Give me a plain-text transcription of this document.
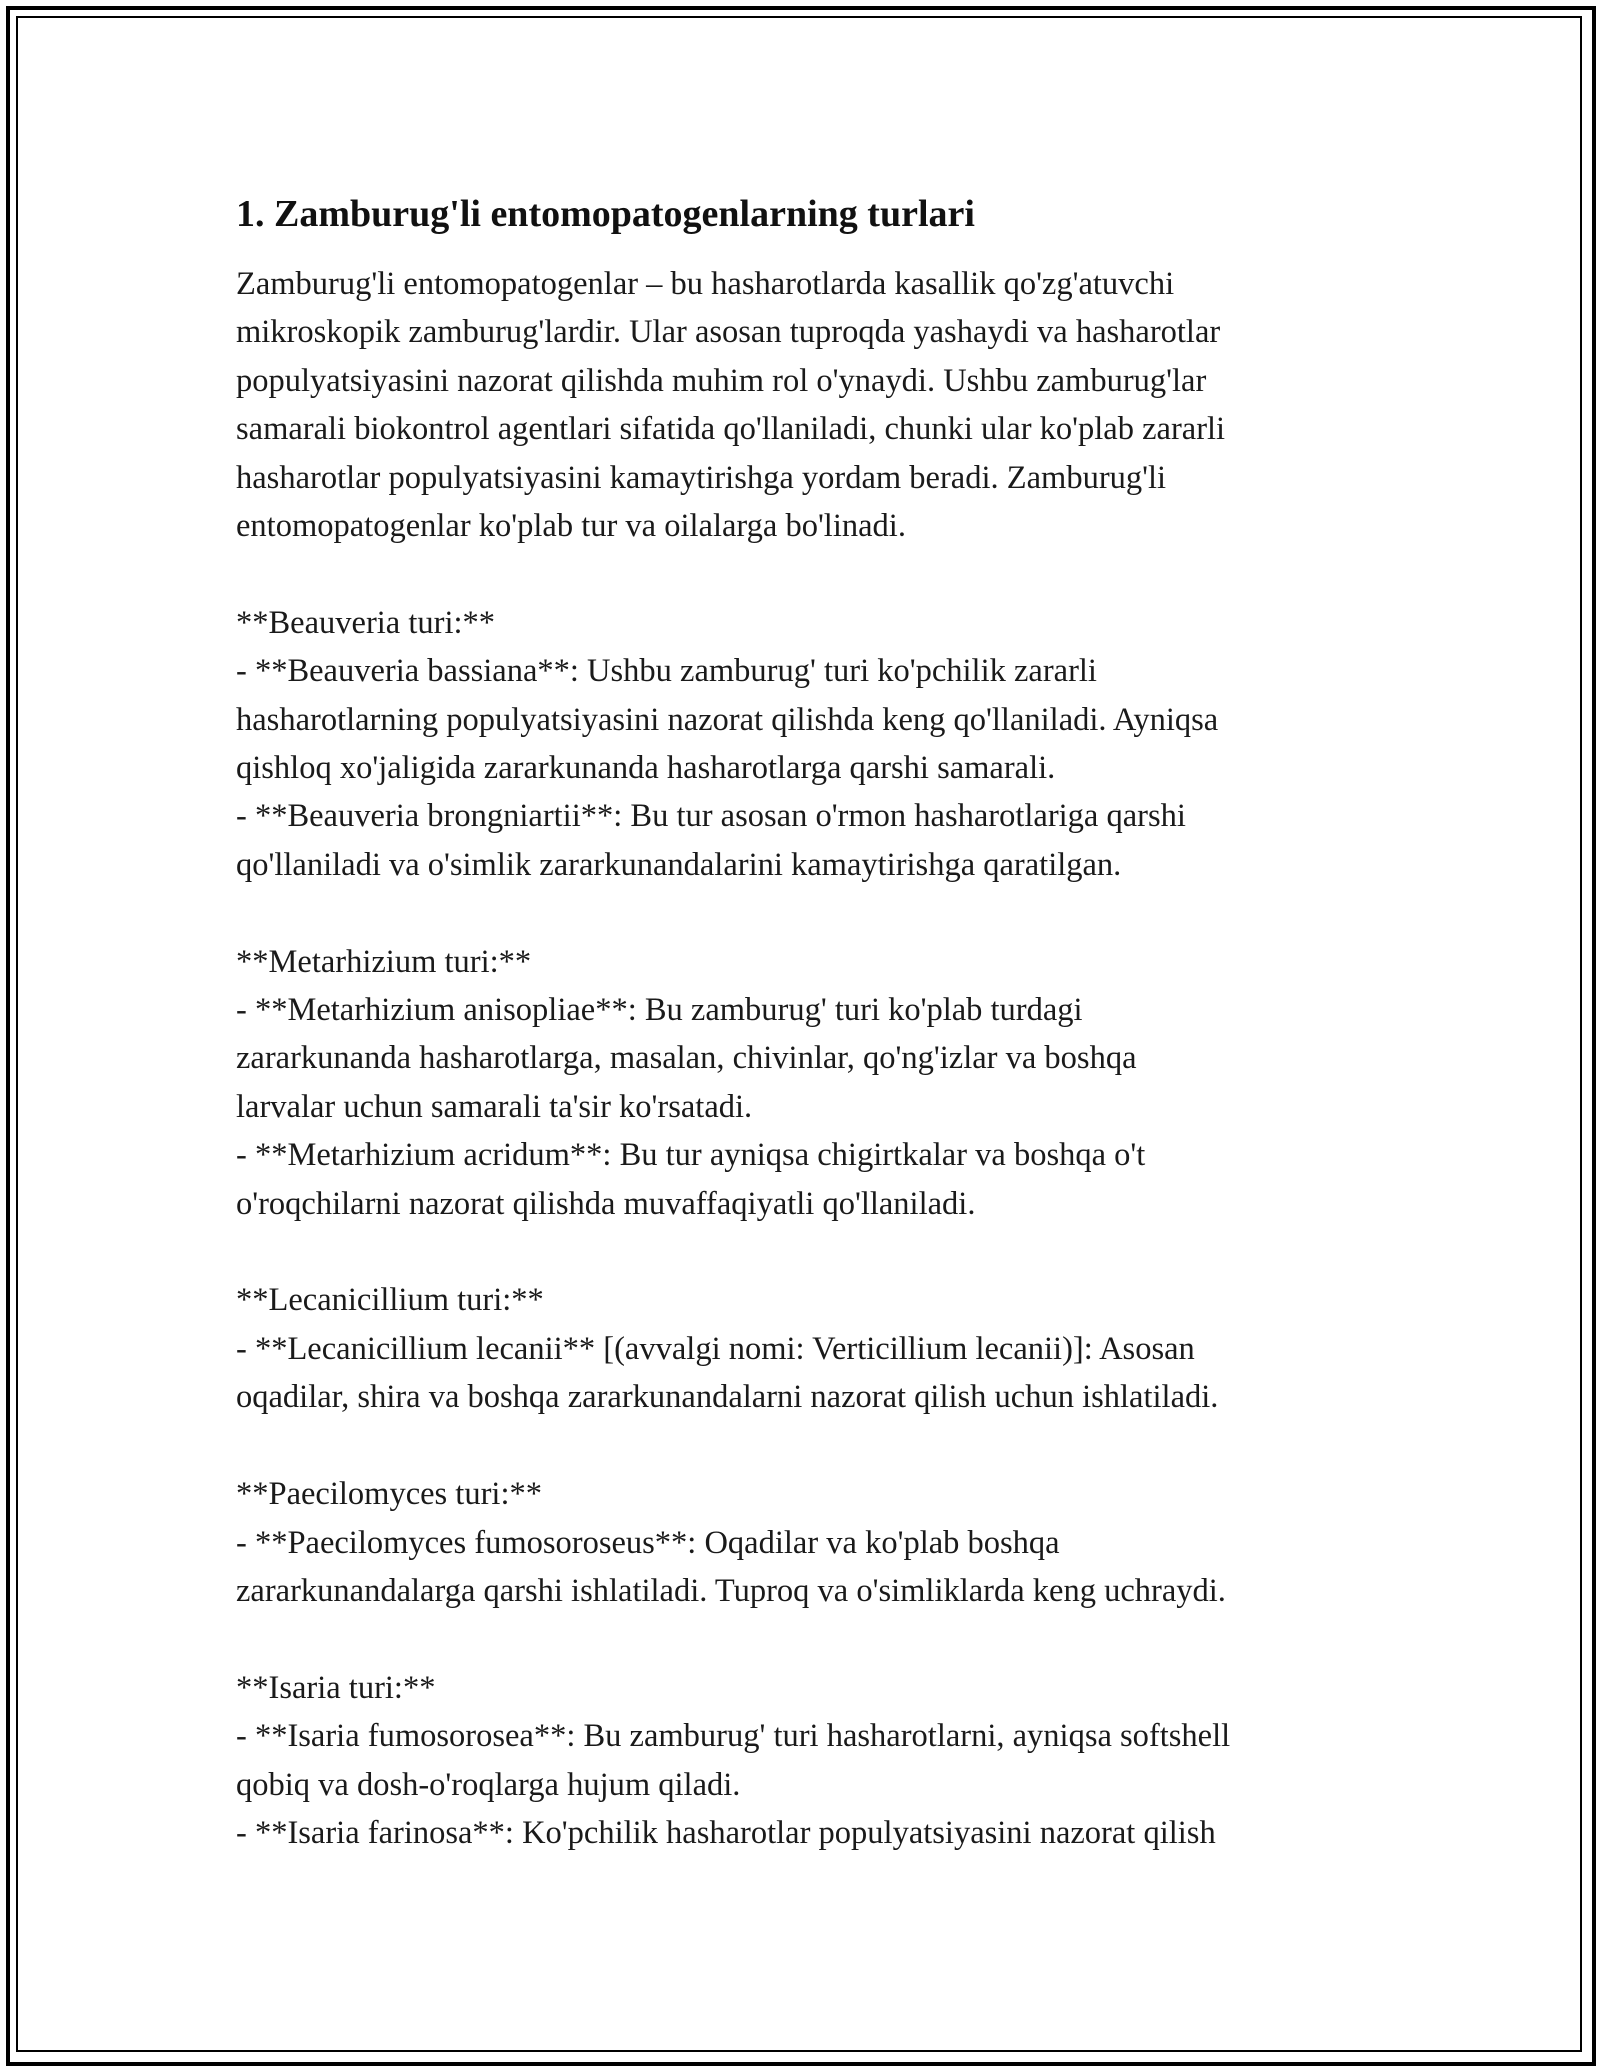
1. Zamburug'li entomopatogenlarning turlari
Zamburug'li entomopatogenlar – bu hasharotlarda kasallik qo'zg'atuvchi
mikroskopik zamburug'lardir. Ular asosan tuproqda yashaydi va hasharotlar
populyatsiyasini nazorat qilishda muhim rol o'ynaydi. Ushbu zamburug'lar
samarali biokontrol agentlari sifatida qo'llaniladi, chunki ular ko'plab zararli
hasharotlar populyatsiyasini kamaytirishga yordam beradi. Zamburug'li
entomopatogenlar ko'plab tur va oilalarga bo'linadi.
**Beauveria turi:**
- **Beauveria bassiana**: Ushbu zamburug' turi ko'pchilik zararli
hasharotlarning populyatsiyasini nazorat qilishda keng qo'llaniladi. Ayniqsa
qishloq xo'jaligida zararkunanda hasharotlarga qarshi samarali.
- **Beauveria brongniartii**: Bu tur asosan o'rmon hasharotlariga qarshi
qo'llaniladi va o'simlik zararkunandalarini kamaytirishga qaratilgan.
**Metarhizium turi:**
- **Metarhizium anisopliae**: Bu zamburug' turi ko'plab turdagi
zararkunanda hasharotlarga, masalan, chivinlar, qo'ng'izlar va boshqa
larvalar uchun samarali ta'sir ko'rsatadi.
- **Metarhizium acridum**: Bu tur ayniqsa chigirtkalar va boshqa o't
o'roqchilarni nazorat qilishda muvaffaqiyatli qo'llaniladi.
**Lecanicillium turi:**
- **Lecanicillium lecanii** [(avvalgi nomi: Verticillium lecanii)]: Asosan
oqadilar, shira va boshqa zararkunandalarni nazorat qilish uchun ishlatiladi.
**Paecilomyces turi:**
- **Paecilomyces fumosoroseus**: Oqadilar va ko'plab boshqa
zararkunandalarga qarshi ishlatiladi. Tuproq va o'simliklarda keng uchraydi.
**Isaria turi:**
- **Isaria fumosorosea**: Bu zamburug' turi hasharotlarni, ayniqsa softshell
qobiq va dosh-o'roqlarga hujum qiladi.
- **Isaria farinosa**: Ko'pchilik hasharotlar populyatsiyasini nazorat qilish
